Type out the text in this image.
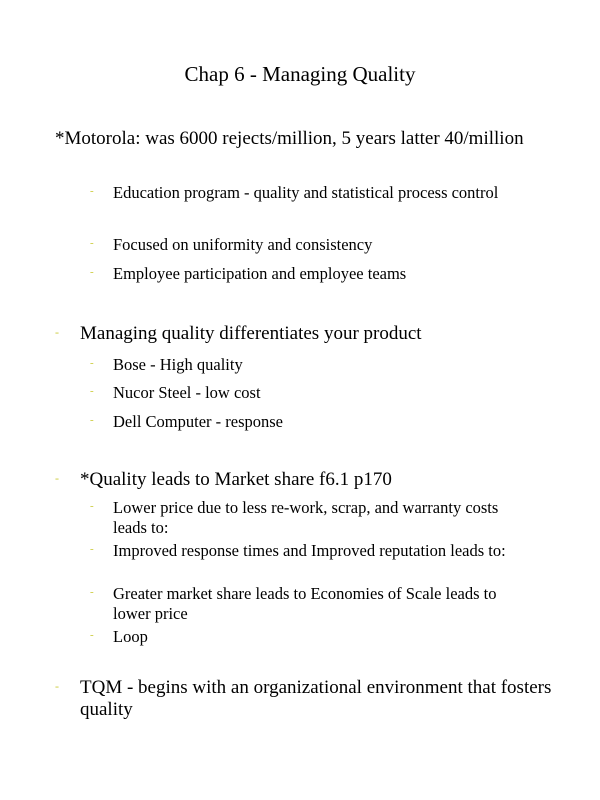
Chap 6 - Managing Quality
*Motorola: was 6000 rejects/million, 5 years latter 40/million
-	Education program - quality and statistical process control
-	Focused on uniformity and consistency
-	Employee participation and employee teams
-	Managing quality differentiates your product
-	Bose - High quality
-	Nucor Steel - low cost
-	Dell Computer - response
-	*Quality leads to Market share f6.1 p170
-	Lower price due to less re-work, scrap, and warranty costs leads to:
-	Improved response times and Improved reputation leads to:
-	Greater market share leads to Economies of Scale leads to lower price
-	Loop
-	TQM - begins with an organizational environment that fosters quality
